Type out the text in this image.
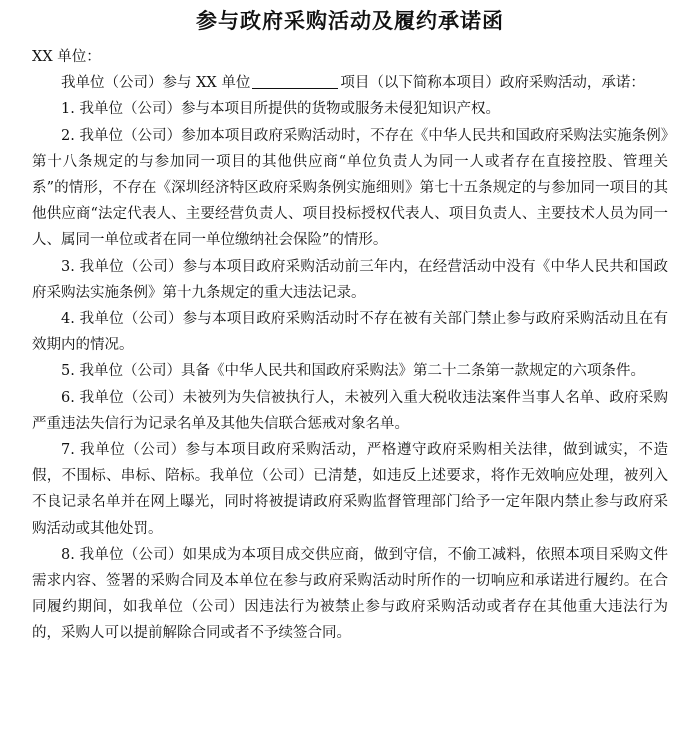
参与政府采购活动及履约承诺函

XX 单位：

我单位（公司）参与 XX 单位	项目（以下简称本项目）政府采购活动，承诺：

1. 我单位（公司）参与本项目所提供的货物或服务未侵犯知识产权。

2. 我单位（公司）参加本项目政府采购活动时，不存在《中华人民共和国政府采购法实施条例》第十八条规定的与参加同一项目的其他供应商“单位负责人为同一人或者存在直接控股、管理关系”的情形，不存在《深圳经济特区政府采购条例实施细则》第七十五条规定的与参加同一项目的其他供应商“法定代表人、主要经营负责人、项目投标授权代表人、项目负责人、主要技术人员为同一人、属同一单位或者在同一单位缴纳社会保险”的情形。

3. 我单位（公司）参与本项目政府采购活动前三年内，在经营活动中没有《中华人民共和国政府采购法实施条例》第十九条规定的重大违法记录。

4. 我单位（公司）参与本项目政府采购活动时不存在被有关部门禁止参与政府采购活动且在有效期内的情况。

5. 我单位（公司）具备《中华人民共和国政府采购法》第二十二条第一款规定的六项条件。

6. 我单位（公司）未被列为失信被执行人，未被列入重大税收违法案件当事人名单、政府采购严重违法失信行为记录名单及其他失信联合惩戒对象名单。

7. 我单位（公司）参与本项目政府采购活动，严格遵守政府采购相关法律，做到诚实，不造假，不围标、串标、陪标。我单位（公司）已清楚，如违反上述要求，将作无效响应处理，被列入不良记录名单并在网上曝光，同时将被提请政府采购监督管理部门给予一定年限内禁止参与政府采购活动或其他处罚。

8. 我单位（公司）如果成为本项目成交供应商，做到守信，不偷工减料，依照本项目采购文件需求内容、签署的采购合同及本单位在参与政府采购活动时所作的一切响应和承诺进行履约。在合同履约期间，如我单位（公司）因违法行为被禁止参与政府采购活动或者存在其他重大违法行为的，采购人可以提前解除合同或者不予续签合同。
